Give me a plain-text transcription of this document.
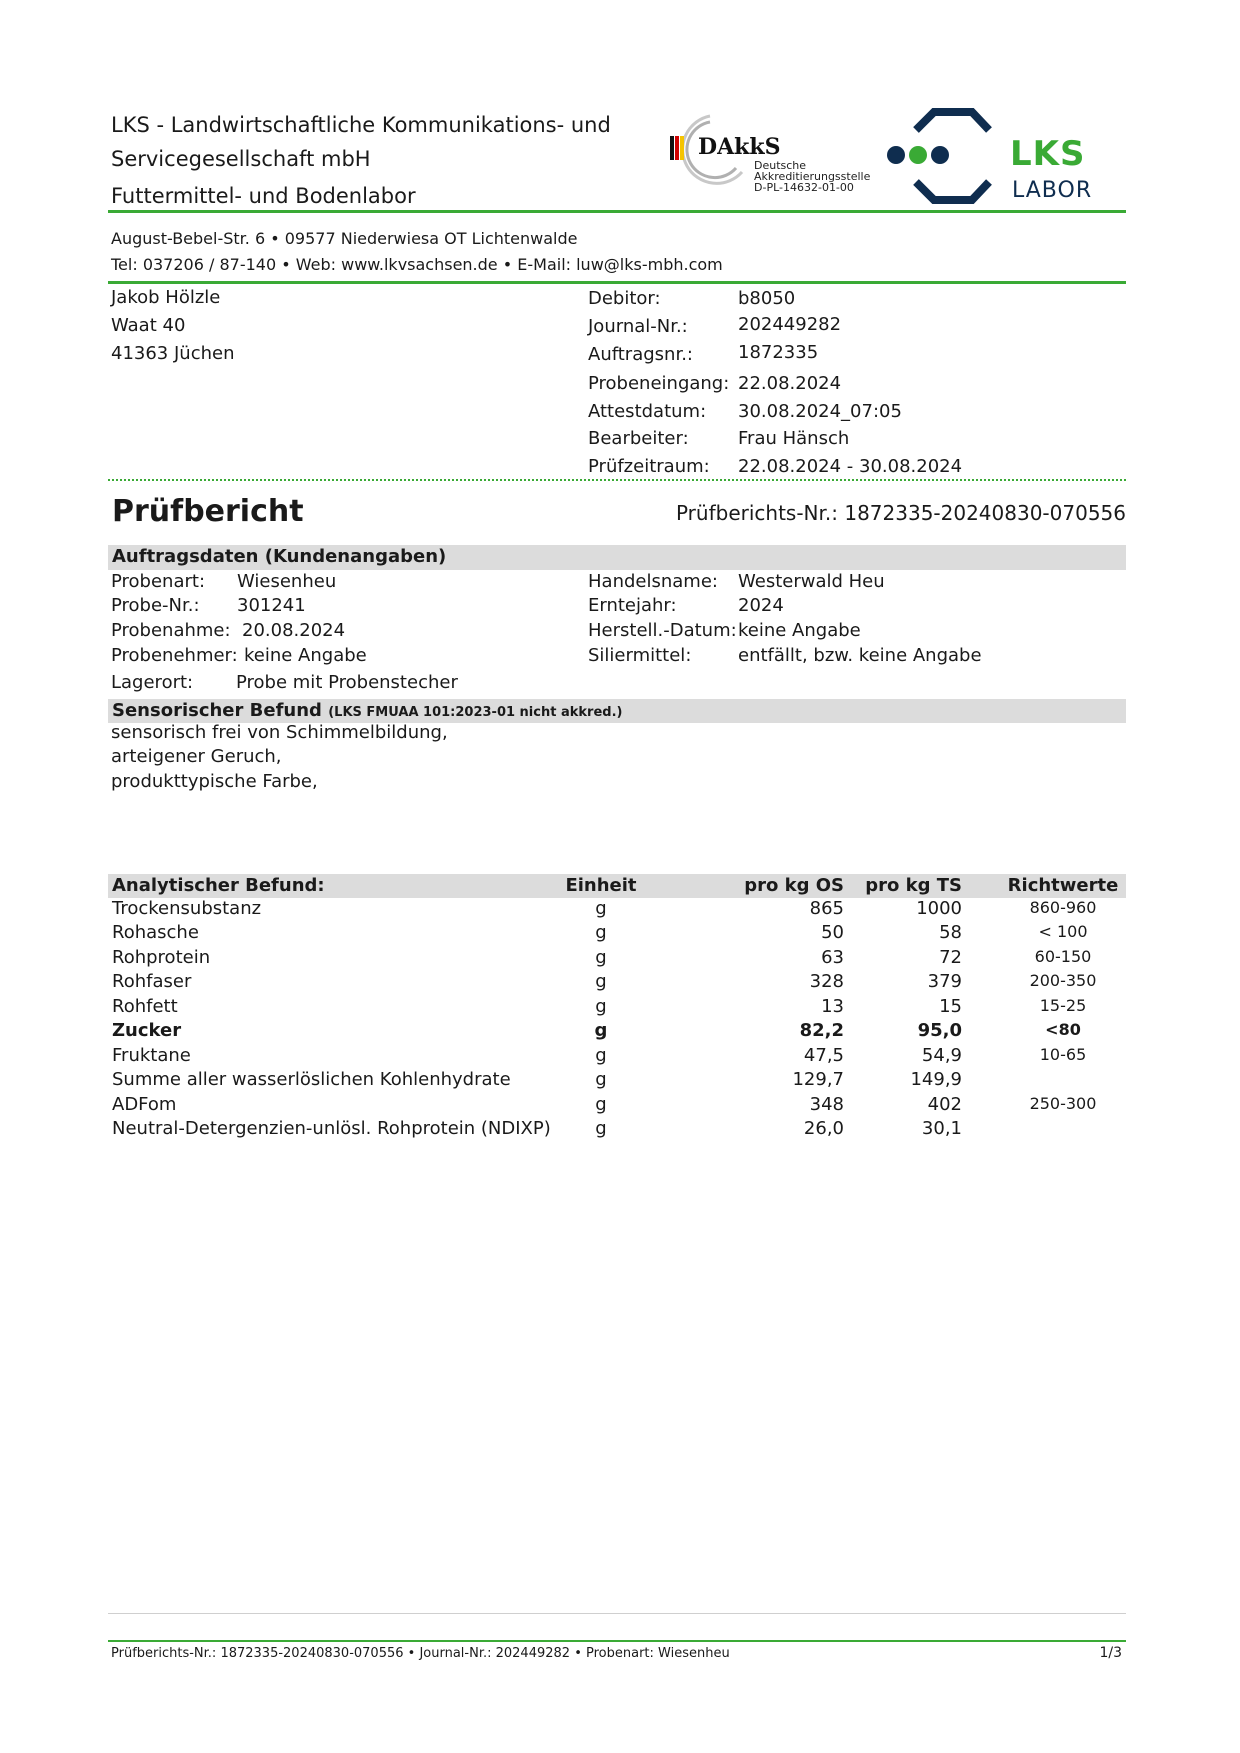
LKS - Landwirtschaftliche Kommunikations- und
Servicegesellschaft mbH
Futtermittel- und Bodenlabor
DAkkS
Deutsche
Akkreditierungsstelle
D-PL-14632-01-00
LKS
LABOR
August-Bebel-Str. 6 • 09577 Niederwiesa OT Lichtenwalde
Tel: 037206 / 87-140 • Web: www.lkvsachsen.de • E-Mail: luw@lks-mbh.com
Jakob Hölzle
Waat 40
41363 Jüchen
Debitor:	b8050
Journal-Nr.:	202449282
Auftragsnr.:	1872335
Probeneingang: 22.08.2024
Attestdatum: 30.08.2024_07:05
Bearbeiter:	Frau Hänsch
Prüfzeitraum: 22.08.2024 - 30.08.2024
Prüfbericht	Prüfberichts-Nr.: 1872335-20240830-070556
Auftragsdaten (Kundenangaben)
Probenart: Wiesenheu
Probe-Nr.: 301241
Probenahme: 20.08.2024
Probenehmer: keine Angabe
Lagerort: Probe mit Probenstecher
Handelsname: Westerwald Heu
Erntejahr:	2024
Herstell.-Datum: keine Angabe
Siliermittel:	entfällt, bzw. keine Angabe
Sensorischer Befund (LKS FMUAA 101:2023-01 nicht akkred.)
sensorisch frei von Schimmelbildung,
arteigener Geruch,
produkttypische Farbe,
Analytischer Befund:	Einheit	pro kg OS	pro kg TS	Richtwerte
Trockensubstanz	g	865	1000	860-960
Rohasche	g	50	58	< 100
Rohprotein	g	63	72	60-150
Rohfaser	g	328	379	200-350
Rohfett	g	13	15	15-25
Zucker	g	82,2	95,0	<80
Fruktane	g	47,5	54,9	10-65
Summe aller wasserlöslichen Kohlenhydrate	g	129,7	149,9
ADFom	g	348	402	250-300
Neutral-Detergenzien-unlösl. Rohprotein (NDIXP)	g	26,0	30,1
Prüfberichts-Nr.: 1872335-20240830-070556 • Journal-Nr.: 202449282 • Probenart: Wiesenheu	1/3
